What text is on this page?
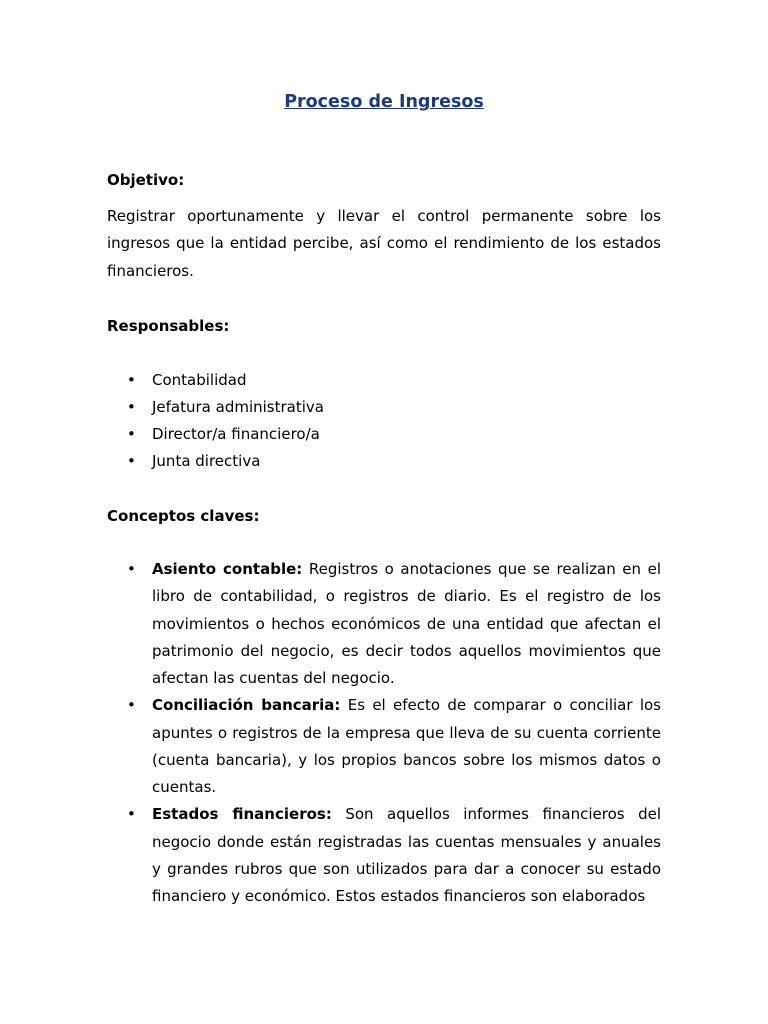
Proceso de Ingresos
Objetivo:
Registrar oportunamente y llevar el control permanente sobre los ingresos que la entidad percibe, así como el rendimiento de los estados financieros.
Responsables:
• Contabilidad
• Jefatura administrativa
• Director/a financiero/a
• Junta directiva
Conceptos claves:
• Asiento contable: Registros o anotaciones que se realizan en el libro de contabilidad, o registros de diario. Es el registro de los movimientos o hechos económicos de una entidad que afectan el patrimonio del negocio, es decir todos aquellos movimientos que afectan las cuentas del negocio.
• Conciliación bancaria: Es el efecto de comparar o conciliar los apuntes o registros de la empresa que lleva de su cuenta corriente (cuenta bancaria), y los propios bancos sobre los mismos datos o cuentas.
• Estados financieros: Son aquellos informes financieros del negocio donde están registradas las cuentas mensuales y anuales y grandes rubros que son utilizados para dar a conocer su estado financiero y económico. Estos estados financieros son elaborados
